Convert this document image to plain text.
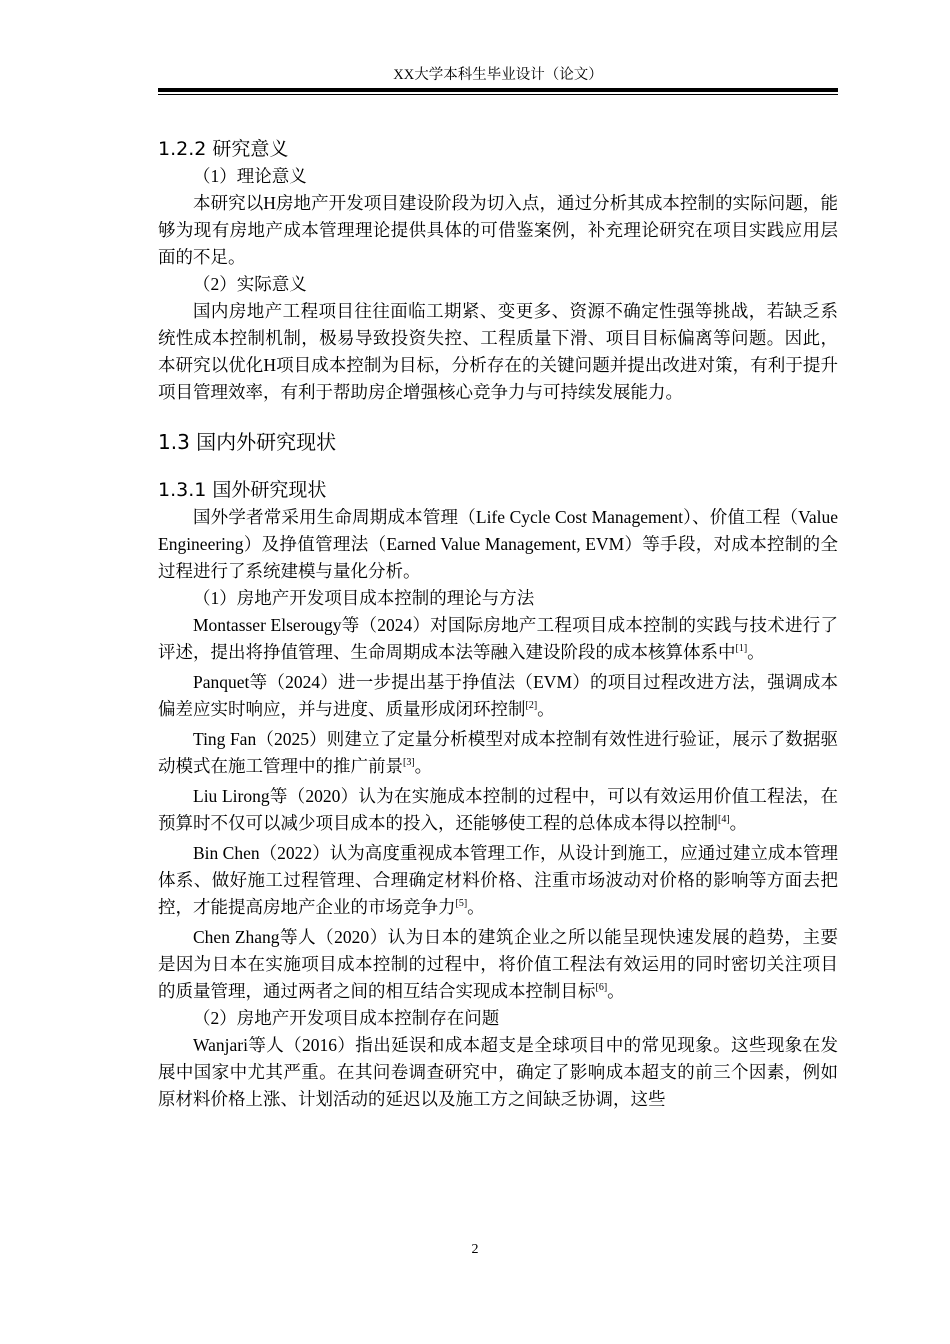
XX大学本科生毕业设计（论文）
1.2.2 研究意义

（1）理论意义

本研究以H房地产开发项目建设阶段为切入点，通过分析其成本控制的实际问题，能够为现有房地产成本管理理论提供具体的可借鉴案例，补充理论研究在项目实践应用层面的不足。

（2）实际意义

国内房地产工程项目往往面临工期紧、变更多、资源不确定性强等挑战，若缺乏系统性成本控制机制，极易导致投资失控、工程质量下滑、项目目标偏离等问题。因此，本研究以优化H项目成本控制为目标，分析存在的关键问题并提出改进对策，有利于提升项目管理效率，有利于帮助房企增强核心竞争力与可持续发展能力。

1.3 国内外研究现状
1.3.1 国外研究现状

国外学者常采用生命周期成本管理（Life Cycle Cost Management）、价值工程（Value Engineering）及挣值管理法（Earned Value Management, EVM）等手段，对成本控制的全过程进行了系统建模与量化分析。

（1）房地产开发项目成本控制的理论与方法

Montasser Elserougy等（2024）对国际房地产工程项目成本控制的实践与技术进行了评述，提出将挣值管理、生命周期成本法等融入建设阶段的成本核算体系中[1]。

Panquet等（2024）进一步提出基于挣值法（EVM）的项目过程改进方法，强调成本偏差应实时响应，并与进度、质量形成闭环控制[2]。

Ting Fan（2025）则建立了定量分析模型对成本控制有效性进行验证，展示了数据驱动模式在施工管理中的推广前景[3]。

Liu Lirong等（2020）认为在实施成本控制的过程中，可以有效运用价值工程法，在预算时不仅可以减少项目成本的投入，还能够使工程的总体成本得以控制[4]。

Bin Chen（2022）认为高度重视成本管理工作，从设计到施工，应通过建立成本管理体系、做好施工过程管理、合理确定材料价格、注重市场波动对价格的影响等方面去把控，才能提高房地产企业的市场竞争力[5]。

Chen Zhang等人（2020）认为日本的建筑企业之所以能呈现快速发展的趋势，主要是因为日本在实施项目成本控制的过程中，将价值工程法有效运用的同时密切关注项目的质量管理，通过两者之间的相互结合实现成本控制目标[6]。

（2）房地产开发项目成本控制存在问题

Wanjari等人（2016）指出延误和成本超支是全球项目中的常见现象。这些现象在发展中国家中尤其严重。在其问卷调查研究中，确定了影响成本超支的前三个因素，例如原材料价格上涨、计划活动的延迟以及施工方之间缺乏协调，这些

2
